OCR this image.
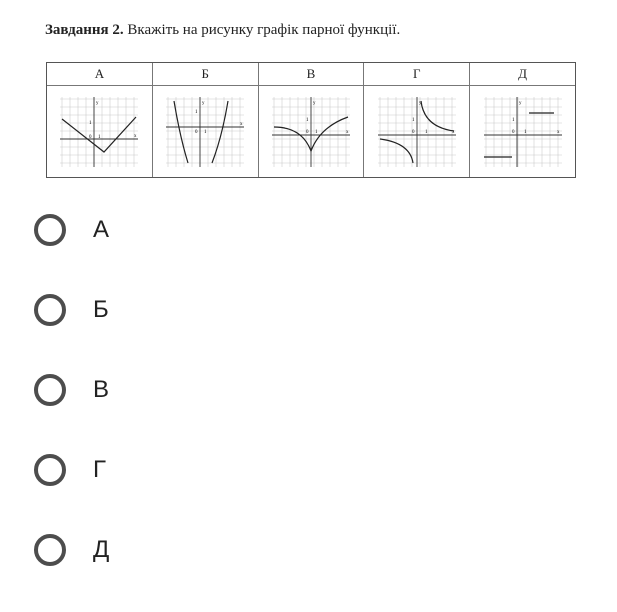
Завдання 2. Вкажіть на рисунку графік парної функції.
А
y
x
1
1
0
Б
y
x
1
1
0
В
y
x
1
1
0
Г
y
x
1
1
0
Д
y
x
1
1
0
А
Б
В
Г
Д
